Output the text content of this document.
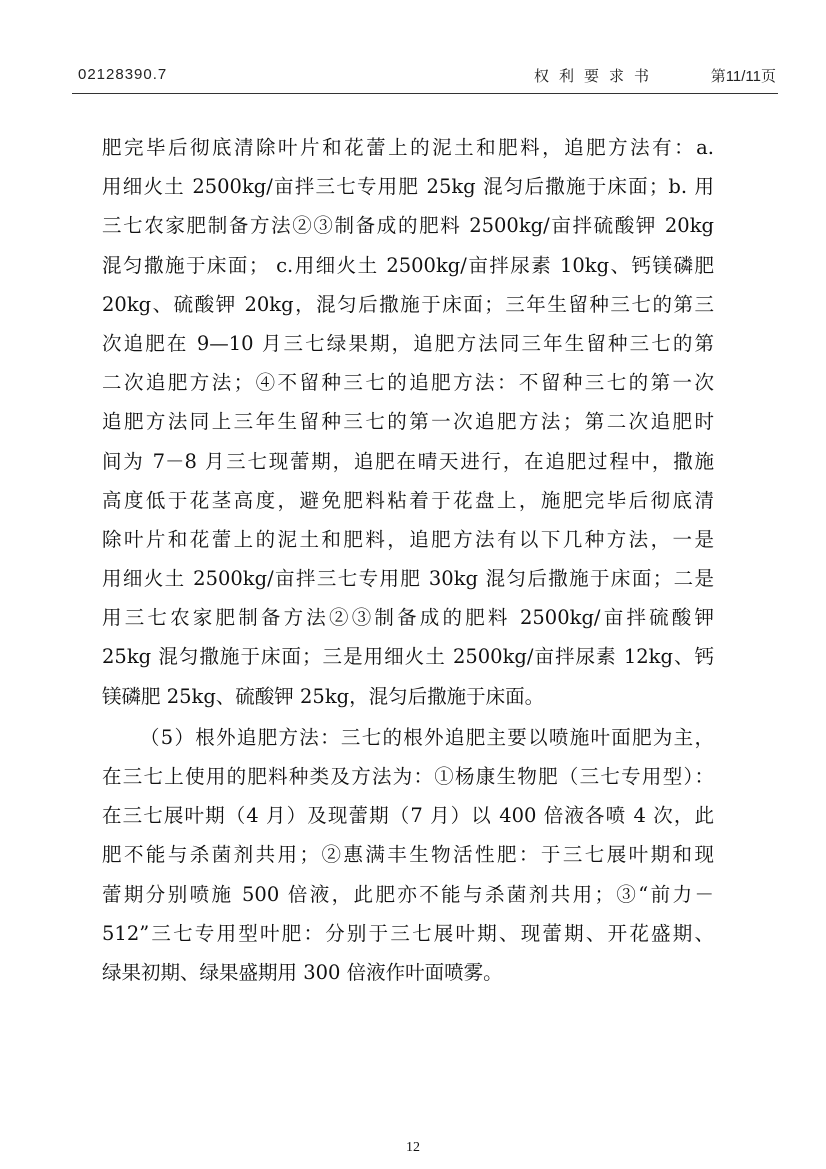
02128390.7	权利要求书	第11/11页
肥完毕后彻底清除叶片和花蕾上的泥土和肥料，追肥方法有：a.
用细火土 2500kg/亩拌三七专用肥 25kg 混匀后撒施于床面；b. 用
三七农家肥制备方法②③制备成的肥料 2500kg/亩拌硫酸钾 20kg
混匀撒施于床面； c.用细火土 2500kg/亩拌尿素 10kg、钙镁磷肥
20kg、硫酸钾 20kg，混匀后撒施于床面；三年生留种三七的第三
次追肥在 9—10 月三七绿果期，追肥方法同三年生留种三七的第
二次追肥方法；④不留种三七的追肥方法：不留种三七的第一次
追肥方法同上三年生留种三七的第一次追肥方法；第二次追肥时
间为 7－8 月三七现蕾期，追肥在晴天进行，在追肥过程中，撒施
高度低于花茎高度，避免肥料粘着于花盘上，施肥完毕后彻底清
除叶片和花蕾上的泥土和肥料，追肥方法有以下几种方法，一是
用细火土 2500kg/亩拌三七专用肥 30kg 混匀后撒施于床面；二是
用三七农家肥制备方法②③制备成的肥料 2500kg/亩拌硫酸钾
25kg 混匀撒施于床面；三是用细火土 2500kg/亩拌尿素 12kg、钙
镁磷肥 25kg、硫酸钾 25kg，混匀后撒施于床面。
（5）根外追肥方法：三七的根外追肥主要以喷施叶面肥为主，
在三七上使用的肥料种类及方法为：①杨康生物肥（三七专用型）：
在三七展叶期（4 月）及现蕾期（7 月）以 400 倍液各喷 4 次，此
肥不能与杀菌剂共用；②惠满丰生物活性肥：于三七展叶期和现
蕾期分别喷施 500 倍液，此肥亦不能与杀菌剂共用；③“前力－
512”三七专用型叶肥：分别于三七展叶期、现蕾期、开花盛期、
绿果初期、绿果盛期用 300 倍液作叶面喷雾。
12
